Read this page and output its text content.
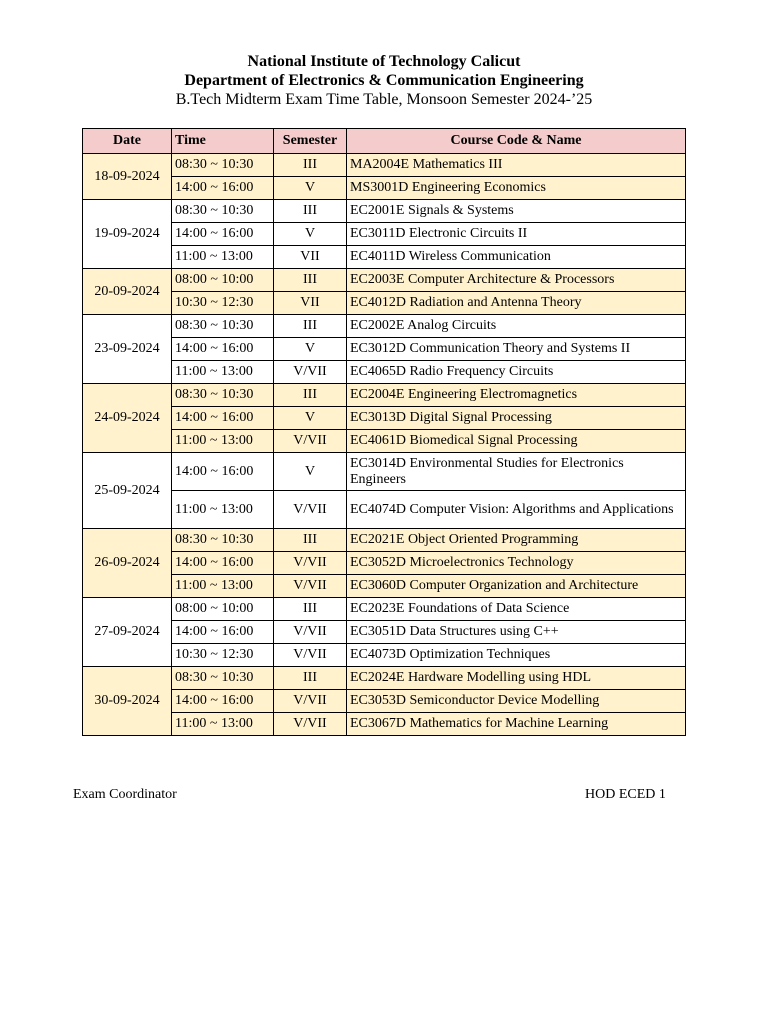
National Institute of Technology Calicut
Department of Electronics & Communication Engineering
B.Tech Midterm Exam Time Table, Monsoon Semester 2024-’25
Date	Time	Semester	Course Code & Name
18-09-2024	08:30 ~ 10:30	III	MA2004E Mathematics III
	14:00 ~ 16:00	V	MS3001D Engineering Economics
19-09-2024	08:30 ~ 10:30	III	EC2001E Signals & Systems
	14:00 ~ 16:00	V	EC3011D Electronic Circuits II
	11:00 ~ 13:00	VII	EC4011D Wireless Communication
20-09-2024	08:00 ~ 10:00	III	EC2003E Computer Architecture & Processors
	10:30 ~ 12:30	VII	EC4012D Radiation and Antenna Theory
23-09-2024	08:30 ~ 10:30	III	EC2002E Analog Circuits
	14:00 ~ 16:00	V	EC3012D Communication Theory and Systems II
	11:00 ~ 13:00	V/VII	EC4065D Radio Frequency Circuits
24-09-2024	08:30 ~ 10:30	III	EC2004E Engineering Electromagnetics
	14:00 ~ 16:00	V	EC3013D Digital Signal Processing
	11:00 ~ 13:00	V/VII	EC4061D Biomedical Signal Processing
25-09-2024	14:00 ~ 16:00	V	EC3014D Environmental Studies for Electronics Engineers
	11:00 ~ 13:00	V/VII	EC4074D Computer Vision: Algorithms and Applications
26-09-2024	08:30 ~ 10:30	III	EC2021E Object Oriented Programming
	14:00 ~ 16:00	V/VII	EC3052D Microelectronics Technology
	11:00 ~ 13:00	V/VII	EC3060D Computer Organization and Architecture
27-09-2024	08:00 ~ 10:00	III	EC2023E Foundations of Data Science
	14:00 ~ 16:00	V/VII	EC3051D Data Structures using C++
	10:30 ~ 12:30	V/VII	EC4073D Optimization Techniques
30-09-2024	08:30 ~ 10:30	III	EC2024E Hardware Modelling using HDL
	14:00 ~ 16:00	V/VII	EC3053D Semiconductor Device Modelling
	11:00 ~ 13:00	V/VII	EC3067D Mathematics for Machine Learning
Exam Coordinator	HOD ECED 1
